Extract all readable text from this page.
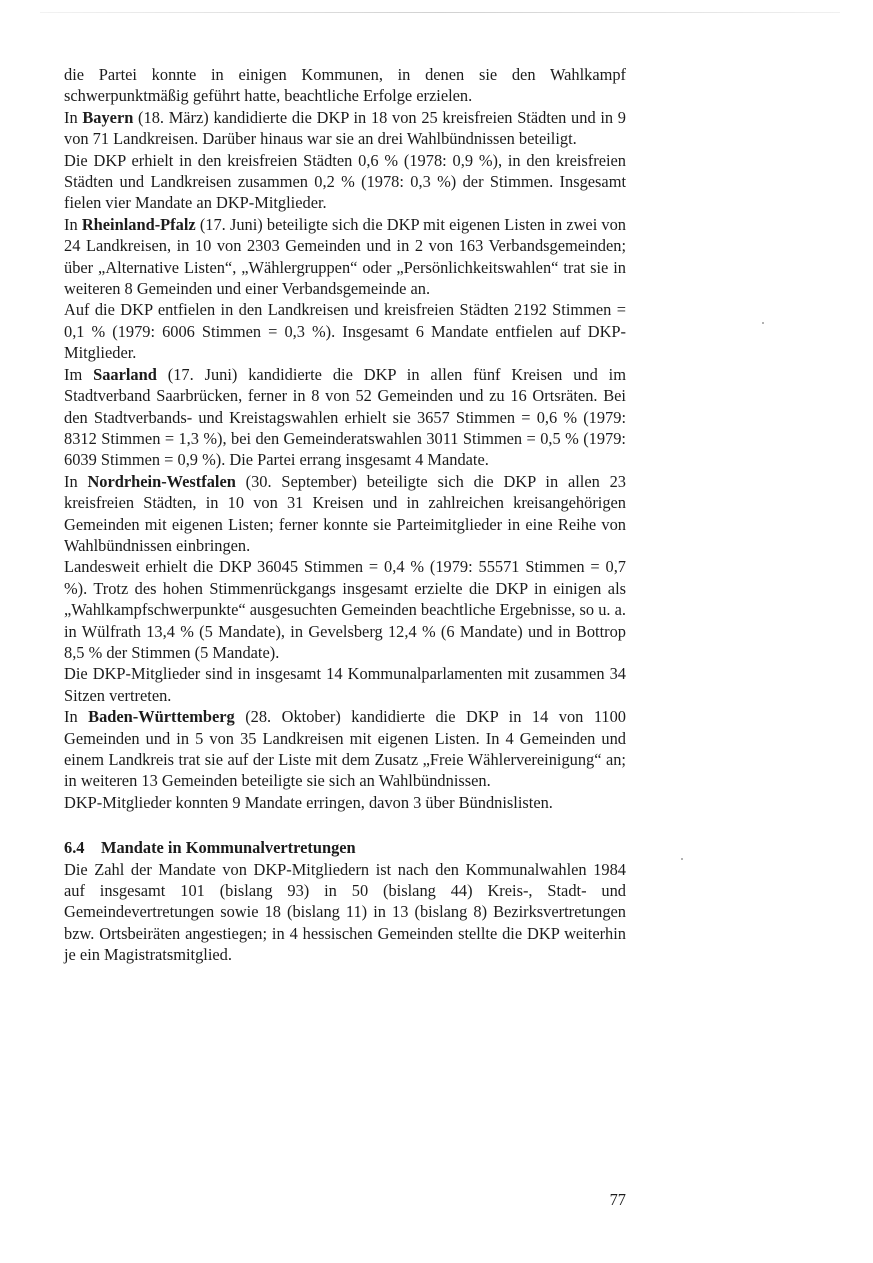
die Partei konnte in einigen Kommunen, in denen sie den Wahlkampf schwerpunktmäßig geführt hatte, beachtliche Erfolge erzielen.

In Bayern (18. März) kandidierte die DKP in 18 von 25 kreisfreien Städten und in 9 von 71 Landkreisen. Darüber hinaus war sie an drei Wahlbündnissen beteiligt.

Die DKP erhielt in den kreisfreien Städten 0,6 % (1978: 0,9 %), in den kreisfreien Städten und Landkreisen zusammen 0,2 % (1978: 0,3 %) der Stimmen. Insgesamt fielen vier Mandate an DKP-Mitglieder.

In Rheinland-Pfalz (17. Juni) beteiligte sich die DKP mit eigenen Listen in zwei von 24 Landkreisen, in 10 von 2303 Gemeinden und in 2 von 163 Verbandsgemeinden; über „Alternative Listen“, „Wählergruppen“ oder „Persönlichkeitswahlen“ trat sie in weiteren 8 Gemeinden und einer Verbandsgemeinde an.

Auf die DKP entfielen in den Landkreisen und kreisfreien Städten 2192 Stimmen = 0,1 % (1979: 6006 Stimmen = 0,3 %). Insgesamt 6 Mandate entfielen auf DKP-Mitglieder.

Im Saarland (17. Juni) kandidierte die DKP in allen fünf Kreisen und im Stadtverband Saarbrücken, ferner in 8 von 52 Gemeinden und zu 16 Ortsräten. Bei den Stadtverbands- und Kreistagswahlen erhielt sie 3657 Stimmen = 0,6 % (1979: 8312 Stimmen = 1,3 %), bei den Gemeinderatswahlen 3011 Stimmen = 0,5 % (1979: 6039 Stimmen = 0,9 %). Die Partei errang insgesamt 4 Mandate.

In Nordrhein-Westfalen (30. September) beteiligte sich die DKP in allen 23 kreisfreien Städten, in 10 von 31 Kreisen und in zahlreichen kreisangehörigen Gemeinden mit eigenen Listen; ferner konnte sie Parteimitglieder in eine Reihe von Wahlbündnissen einbringen.

Landesweit erhielt die DKP 36045 Stimmen = 0,4 % (1979: 55571 Stimmen = 0,7 %). Trotz des hohen Stimmenrückgangs insgesamt erzielte die DKP in einigen als „Wahlkampfschwerpunkte“ ausgesuchten Gemeinden beachtliche Ergebnisse, so u. a. in Wülfrath 13,4 % (5 Mandate), in Gevelsberg 12,4 % (6 Mandate) und in Bottrop 8,5 % der Stimmen (5 Mandate).

Die DKP-Mitglieder sind in insgesamt 14 Kommunalparlamenten mit zusammen 34 Sitzen vertreten.

In Baden-Württemberg (28. Oktober) kandidierte die DKP in 14 von 1100 Gemeinden und in 5 von 35 Landkreisen mit eigenen Listen. In 4 Gemeinden und einem Landkreis trat sie auf der Liste mit dem Zusatz „Freie Wählervereinigung“ an; in weiteren 13 Gemeinden beteiligte sie sich an Wahlbündnissen.

DKP-Mitglieder konnten 9 Mandate erringen, davon 3 über Bündnislisten.

6.4 Mandate in Kommunalvertretungen

Die Zahl der Mandate von DKP-Mitgliedern ist nach den Kommunalwahlen 1984 auf insgesamt 101 (bislang 93) in 50 (bislang 44) Kreis-, Stadt- und Gemeindevertretungen sowie 18 (bislang 11) in 13 (bislang 8) Bezirksvertretungen bzw. Ortsbeiräten angestiegen; in 4 hessischen Gemeinden stellte die DKP weiterhin je ein Magistratsmitglied.

77
